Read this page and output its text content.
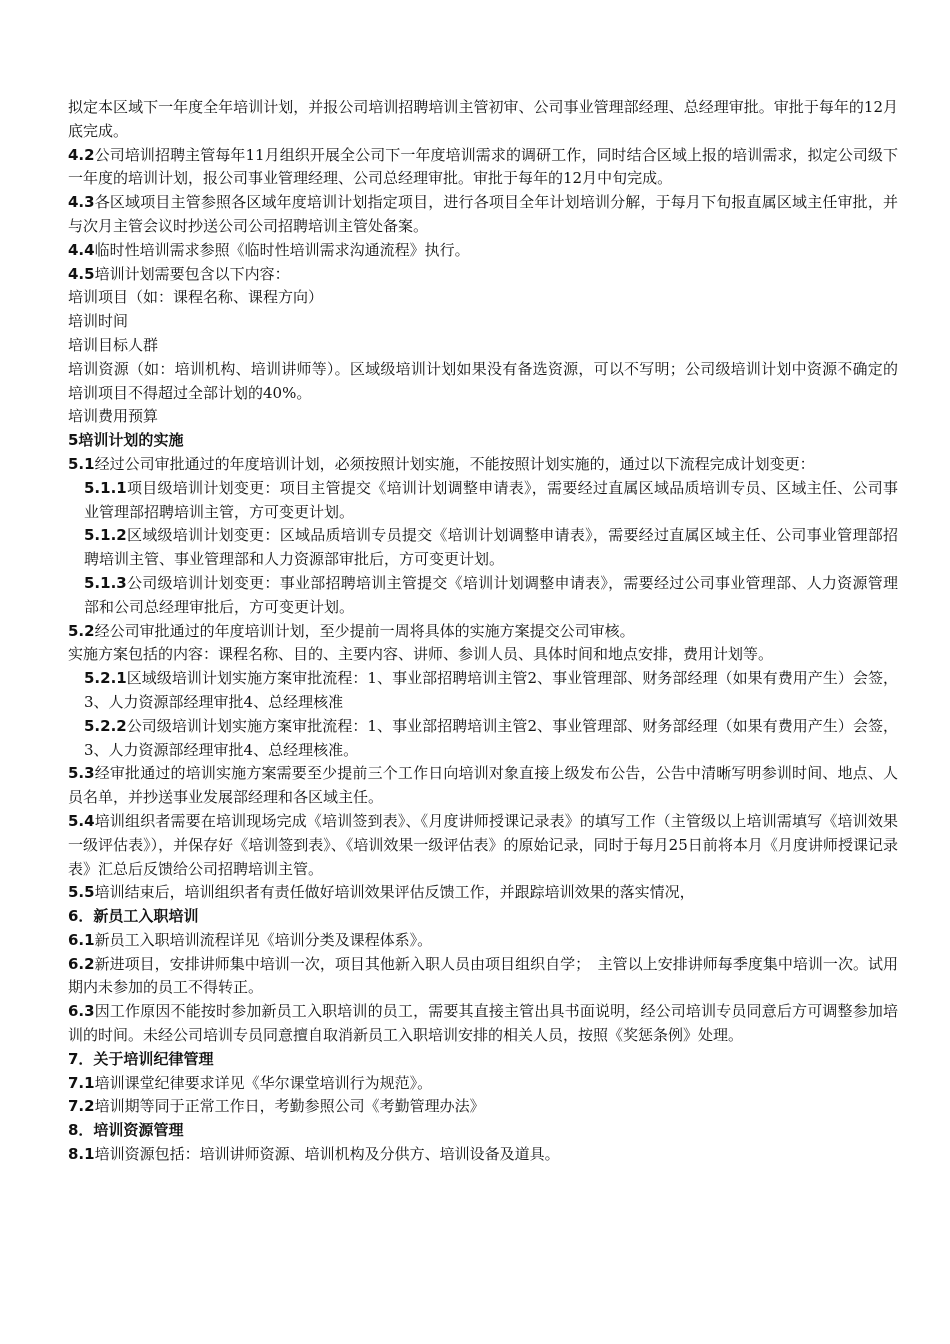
拟定本区域下一年度全年培训计划，并报公司培训招聘培训主管初审、公司事业管理部经理、总经理审批。审批于每年的12月底完成。

4.2公司培训招聘主管每年11月组织开展全公司下一年度培训需求的调研工作，同时结合区域上报的培训需求，拟定公司级下一年度的培训计划，报公司事业管理经理、公司总经理审批。审批于每年的12月中旬完成。

4.3各区域项目主管参照各区域年度培训计划指定项目，进行各项目全年计划培训分解，于每月下旬报直属区域主任审批，并与次月主管会议时抄送公司公司招聘培训主管处备案。

4.4临时性培训需求参照《临时性培训需求沟通流程》执行。

4.5培训计划需要包含以下内容：

培训项目（如：课程名称、课程方向）

培训时间

培训目标人群

培训资源（如：培训机构、培训讲师等）。区域级培训计划如果没有备选资源，可以不写明；公司级培训计划中资源不确定的培训项目不得超过全部计划的40%。

培训费用预算

5培训计划的实施

5.1经过公司审批通过的年度培训计划，必须按照计划实施，不能按照计划实施的，通过以下流程完成计划变更：

5.1.1项目级培训计划变更：项目主管提交《培训计划调整申请表》，需要经过直属区域品质培训专员、区域主任、公司事业管理部招聘培训主管，方可变更计划。

5.1.2区域级培训计划变更：区域品质培训专员提交《培训计划调整申请表》，需要经过直属区域主任、公司事业管理部招聘培训主管、事业管理部和人力资源部审批后，方可变更计划。

5.1.3公司级培训计划变更：事业部招聘培训主管提交《培训计划调整申请表》，需要经过公司事业管理部、人力资源管理部和公司总经理审批后，方可变更计划。

5.2经公司审批通过的年度培训计划，至少提前一周将具体的实施方案提交公司审核。

实施方案包括的内容：课程名称、目的、主要内容、讲师、参训人员、具体时间和地点安排，费用计划等。

5.2.1区域级培训计划实施方案审批流程：1、事业部招聘培训主管2、事业管理部、财务部经理（如果有费用产生）会签，3、人力资源部经理审批4、总经理核准

5.2.2公司级培训计划实施方案审批流程：1、事业部招聘培训主管2、事业管理部、财务部经理（如果有费用产生）会签，3、人力资源部经理审批4、总经理核准。

5.3经审批通过的培训实施方案需要至少提前三个工作日向培训对象直接上级发布公告，公告中清晰写明参训时间、地点、人员名单，并抄送事业发展部经理和各区域主任。

5.4培训组织者需要在培训现场完成《培训签到表》、《月度讲师授课记录表》的填写工作（主管级以上培训需填写《培训效果一级评估表》），并保存好《培训签到表》、《培训效果一级评估表》的原始记录，同时于每月25日前将本月《月度讲师授课记录表》汇总后反馈给公司招聘培训主管。

5.5培训结束后，培训组织者有责任做好培训效果评估反馈工作，并跟踪培训效果的落实情况，

6．新员工入职培训

6.1新员工入职培训流程详见《培训分类及课程体系》。

6.2新进项目，安排讲师集中培训一次，项目其他新入职人员由项目组织自学；　主管以上安排讲师每季度集中培训一次。试用期内未参加的员工不得转正。

6.3因工作原因不能按时参加新员工入职培训的员工，需要其直接主管出具书面说明，经公司培训专员同意后方可调整参加培训的时间。未经公司培训专员同意擅自取消新员工入职培训安排的相关人员，按照《奖惩条例》处理。

7．关于培训纪律管理

7.1培训课堂纪律要求详见《华尔课堂培训行为规范》。

7.2培训期等同于正常工作日，考勤参照公司《考勤管理办法》

8．培训资源管理

8.1培训资源包括：培训讲师资源、培训机构及分供方、培训设备及道具。
